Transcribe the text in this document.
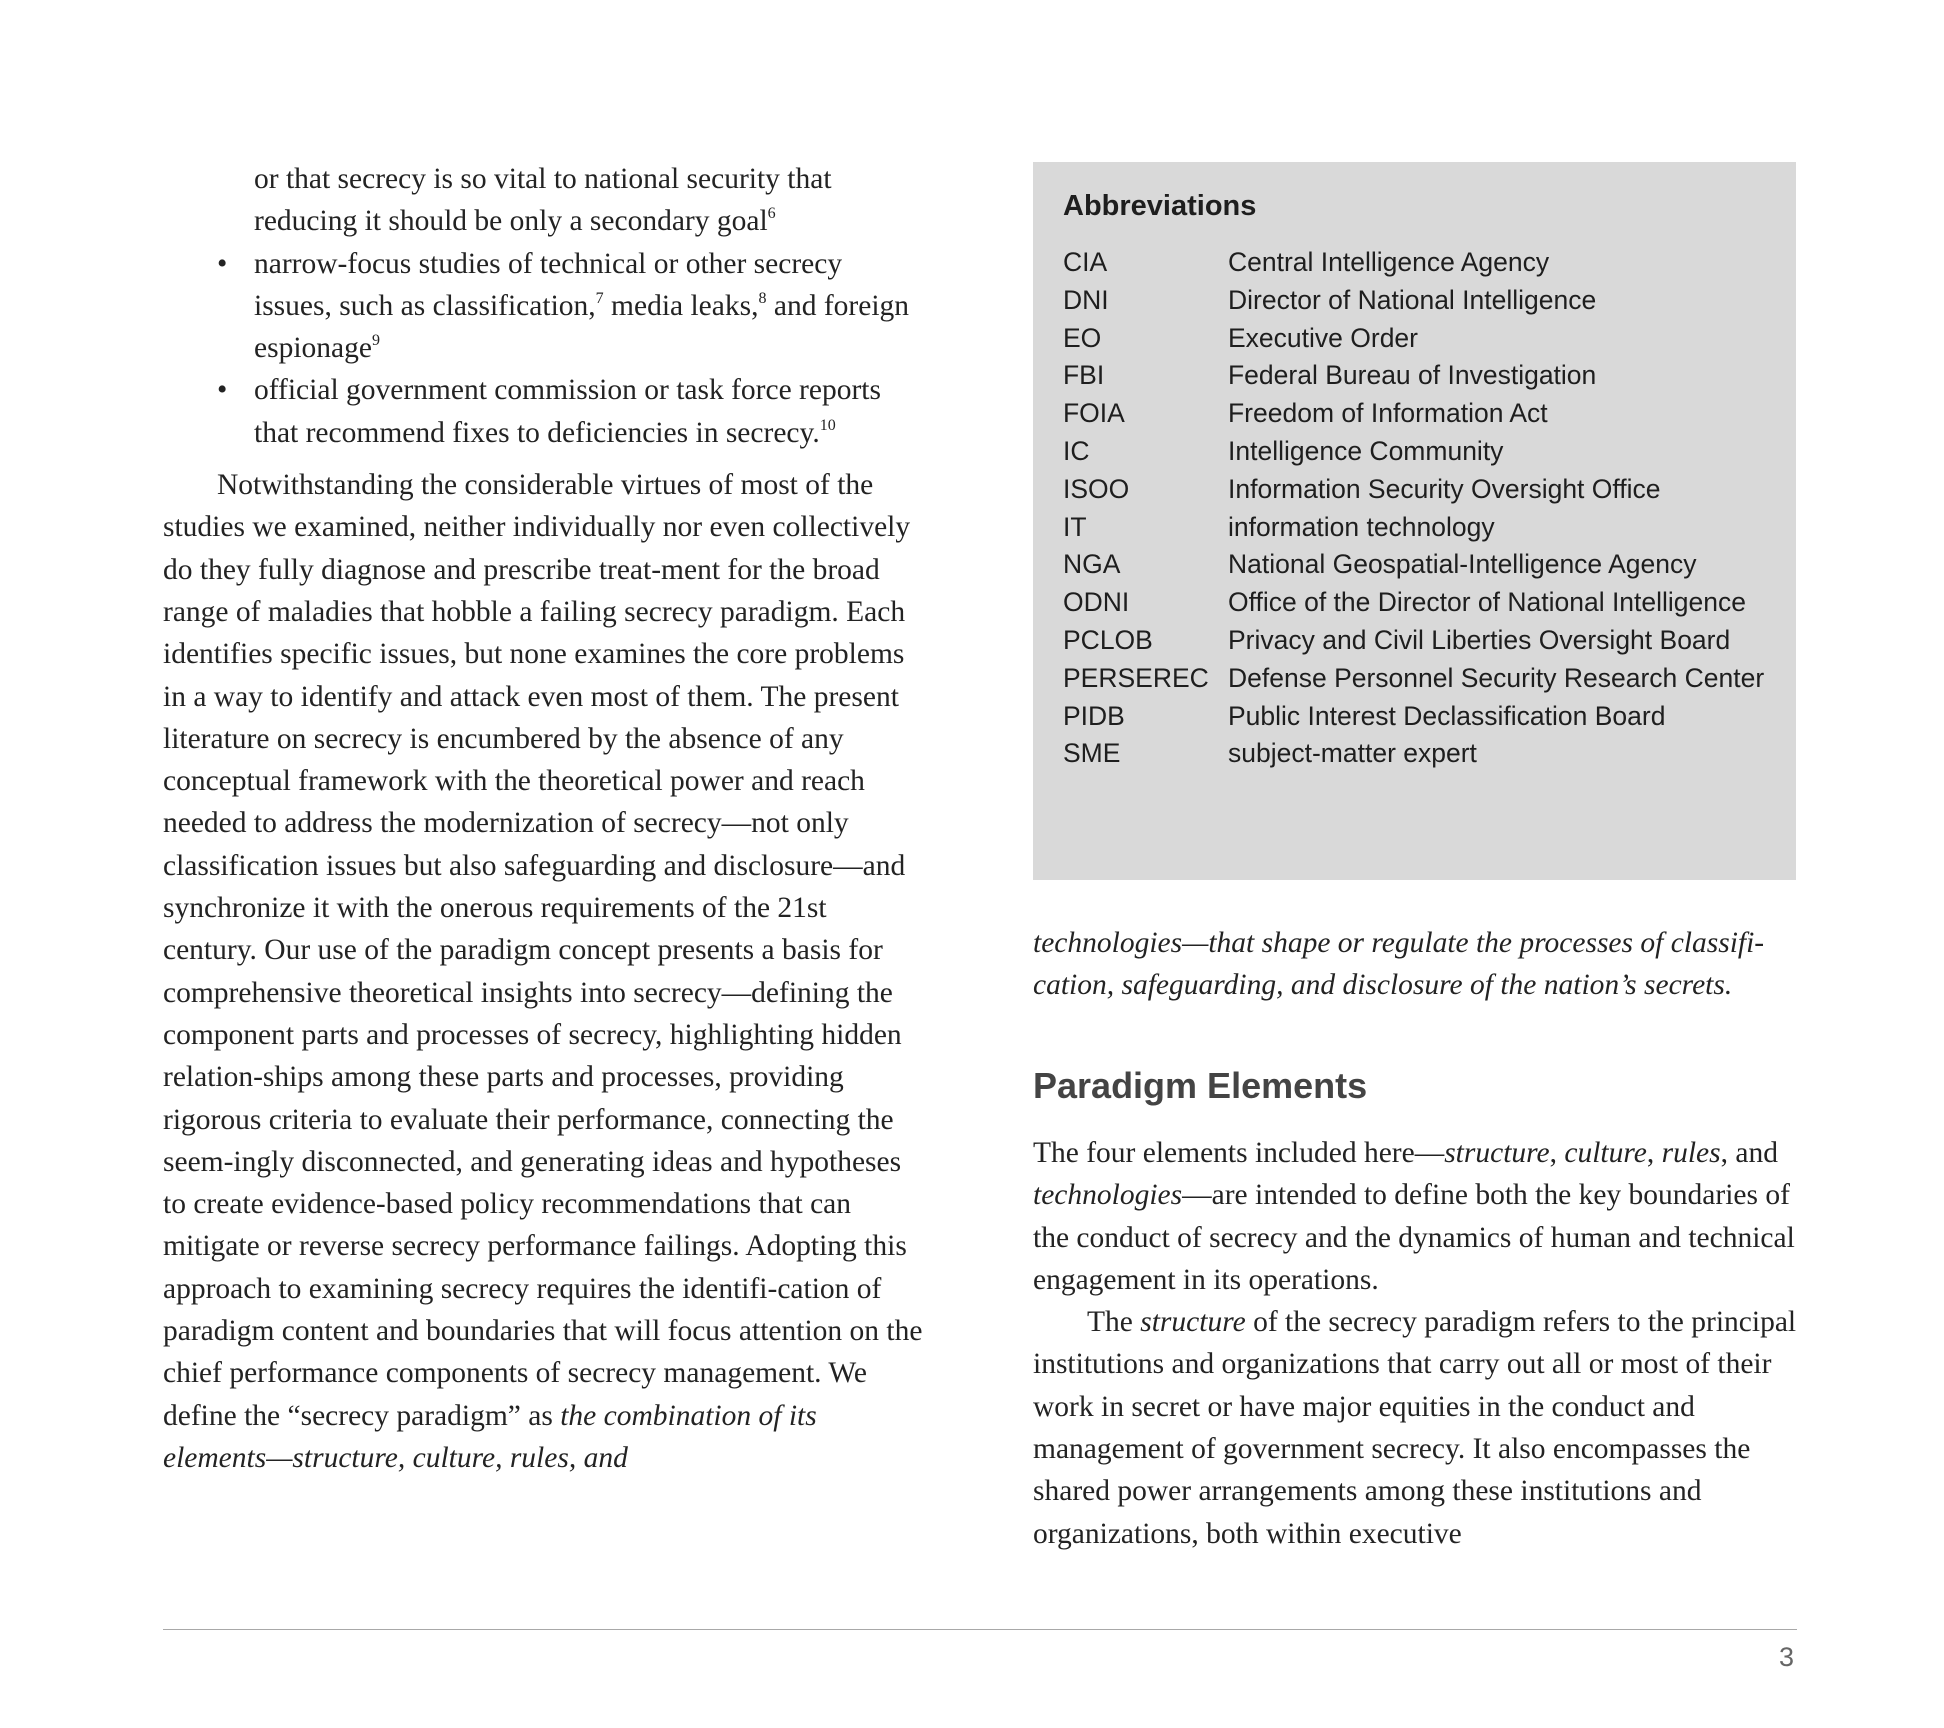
or that secrecy is so vital to national security that reducing it should be only a secondary goal$^6$

• narrow-focus studies of technical or other secrecy issues, such as classification,$^7$ media leaks,$^8$ and foreign espionage$^9$
• official government commission or task force reports that recommend fixes to deficiencies in secrecy.$^{10}$

Notwithstanding the considerable virtues of most of the studies we examined, neither individually nor even collectively do they fully diagnose and prescribe treat-ment for the broad range of maladies that hobble a failing secrecy paradigm. Each identifies specific issues, but none examines the core problems in a way to identify and attack even most of them. The present literature on secrecy is encumbered by the absence of any conceptual framework with the theoretical power and reach needed to address the modernization of secrecy—not only classification issues but also safeguarding and disclosure—and synchronize it with the onerous requirements of the 21st century. Our use of the paradigm concept presents a basis for comprehensive theoretical insights into secrecy—defining the component parts and processes of secrecy, highlighting hidden relation-ships among these parts and processes, providing rigorous criteria to evaluate their performance, connecting the seem-ingly disconnected, and generating ideas and hypotheses to create evidence-based policy recommendations that can mitigate or reverse secrecy performance failings. Adopting this approach to examining secrecy requires the identifi-cation of paradigm content and boundaries that will focus attention on the chief performance components of secrecy management. We define the “secrecy paradigm” as the combination of its elements—structure, culture, rules, and

Abbreviations

CIA	Central Intelligence Agency
DNI	Director of National Intelligence
EO	Executive Order
FBI	Federal Bureau of Investigation
FOIA	Freedom of Information Act
IC	Intelligence Community
ISOO	Information Security Oversight Office
IT	information technology
NGA	National Geospatial-Intelligence Agency
ODNI	Office of the Director of National Intelligence
PCLOB	Privacy and Civil Liberties Oversight Board
PERSEREC	Defense Personnel Security Research Center
PIDB	Public Interest Declassification Board
SME	subject-matter expert

technologies—that shape or regulate the processes of classifi-cation, safeguarding, and disclosure of the nation’s secrets.

Paradigm Elements

The four elements included here—structure, culture, rules, and technologies—are intended to define both the key boundaries of the conduct of secrecy and the dynamics of human and technical engagement in its operations.

The structure of the secrecy paradigm refers to the principal institutions and organizations that carry out all or most of their work in secret or have major equities in the conduct and management of government secrecy. It also encompasses the shared power arrangements among these institutions and organizations, both within executive

3
